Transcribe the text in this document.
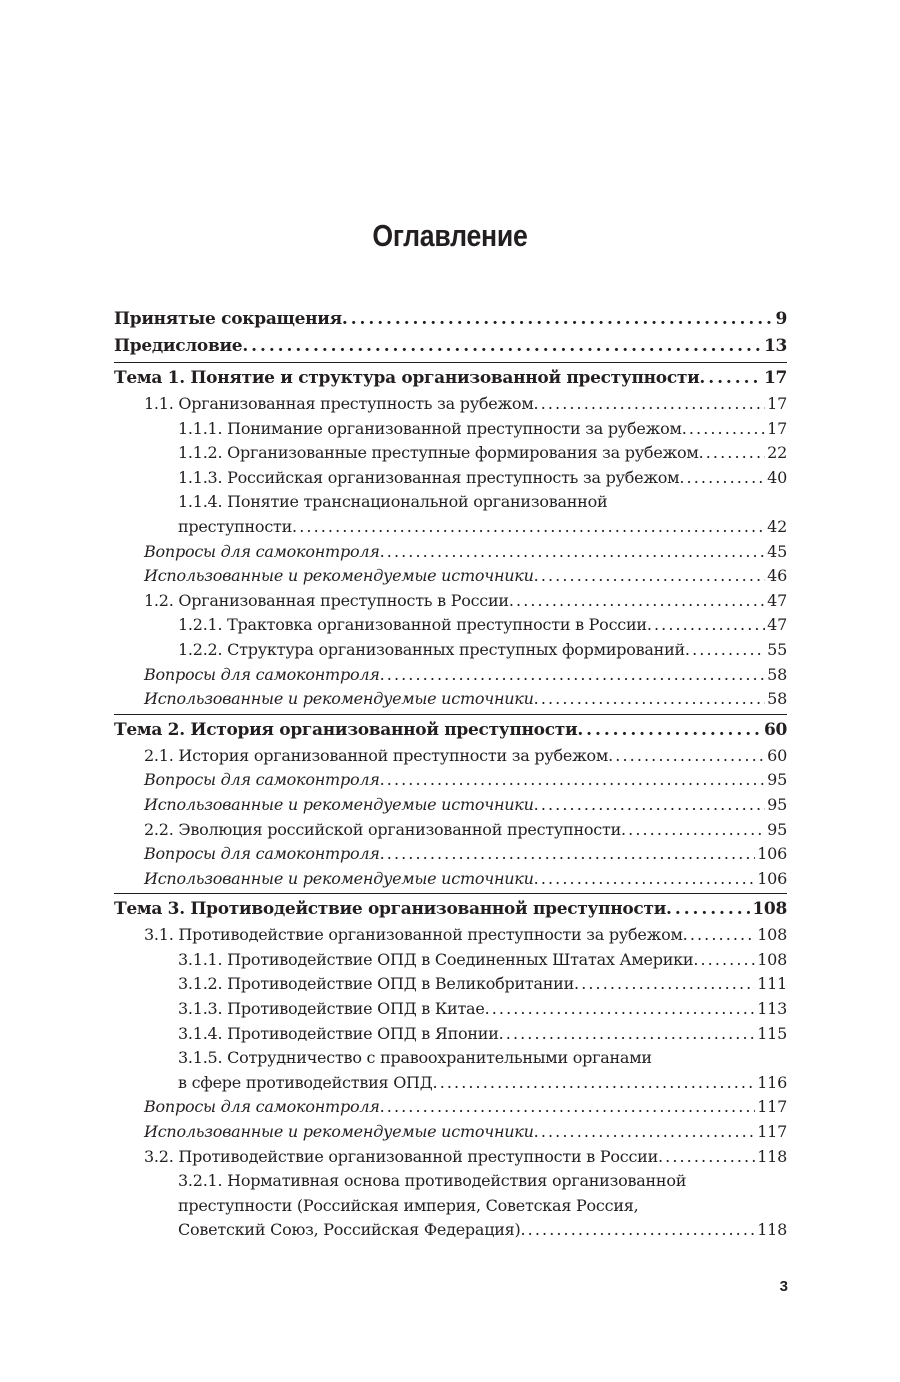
Оглавление
Принятые сокращения . . .	9
Предисловие . . .	13
Тема 1. Понятие и структура организованной преступности . . .	17
1.1. Организованная преступность за рубежом . . .	17
1.1.1. Понимание организованной преступности за рубежом . . .	17
1.1.2. Организованные преступные формирования за рубежом . . .	22
1.1.3. Российская организованная преступность за рубежом . . .	40
1.1.4. Понятие транснациональной организованной
преступности . . .	42
Вопросы для самоконтроля . . .	45
Использованные и рекомендуемые источники . . .	46
1.2. Организованная преступность в России . . .	47
1.2.1. Трактовка организованной преступности в России . . .	47
1.2.2. Структура организованных преступных формирований . . .	55
Вопросы для самоконтроля . . .	58
Использованные и рекомендуемые источники . . .	58
Тема 2. История организованной преступности . . .	60
2.1. История организованной преступности за рубежом . . .	60
Вопросы для самоконтроля . . .	95
Использованные и рекомендуемые источники . . .	95
2.2. Эволюция российской организованной преступности . . .	95
Вопросы для самоконтроля . . .	106
Использованные и рекомендуемые источники . . .	106
Тема 3. Противодействие организованной преступности . . .	108
3.1. Противодействие организованной преступности за рубежом . . .	108
3.1.1. Противодействие ОПД в Соединенных Штатах Америки . . .	108
3.1.2. Противодействие ОПД в Великобритании . . .	111
3.1.3. Противодействие ОПД в Китае . . .	113
3.1.4. Противодействие ОПД в Японии . . .	115
3.1.5. Сотрудничество с правоохранительными органами
в сфере противодействия ОПД . . .	116
Вопросы для самоконтроля . . .	117
Использованные и рекомендуемые источники . . .	117
3.2. Противодействие организованной преступности в России . . .	118
3.2.1. Нормативная основа противодействия организованной
преступности (Российская империя, Советская Россия,
Советский Союз, Российская Федерация) . . .	118
3
